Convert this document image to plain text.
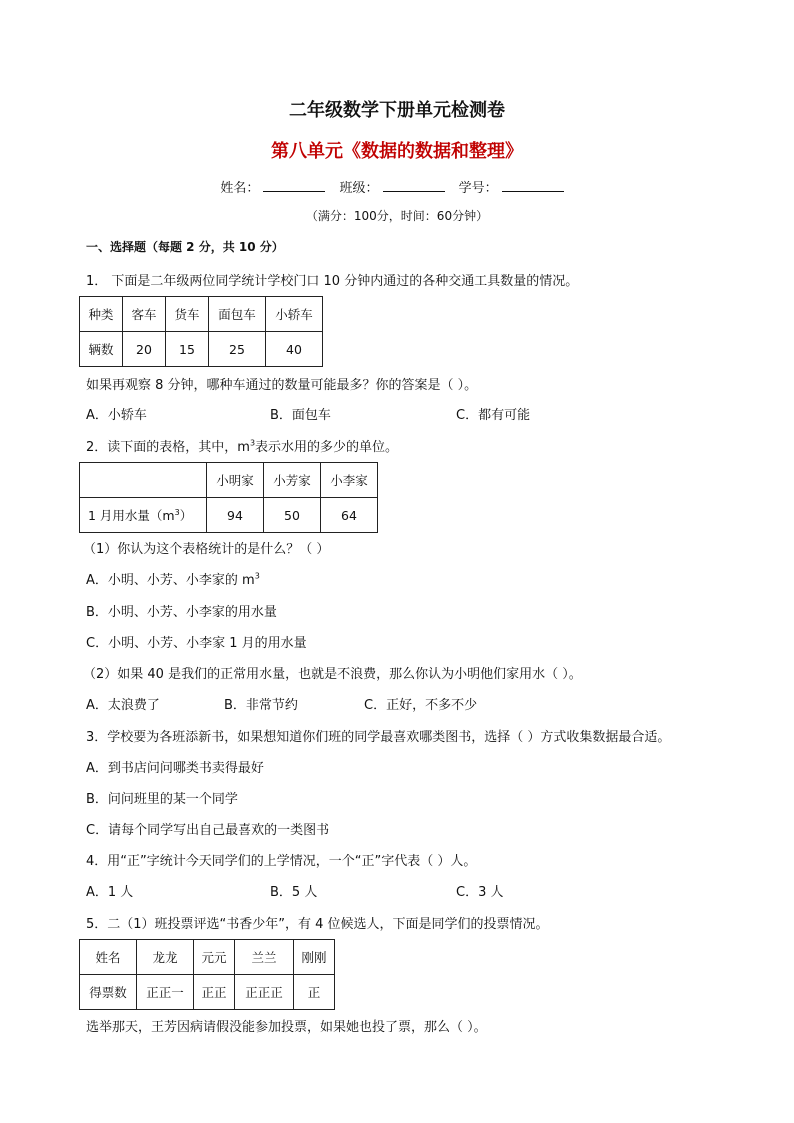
二年级数学下册单元检测卷
第八单元《数据的数据和整理》
姓名：	班级：	学号：
（满分：100分，时间：60分钟）
一、选择题（每题 2 分，共 10 分）
1． 下面是二年级两位同学统计学校门口 10 分钟内通过的各种交通工具数量的情况。
种类	客车	货车	面包车	小轿车
辆数	20	15	25	40
如果再观察 8 分钟，哪种车通过的数量可能最多？你的答案是（ ）。
A．小轿车	B．面包车	C．都有可能
2．读下面的表格，其中，$m^3$表示水用的多少的单位。
	小明家	小芳家	小李家
1 月用水量$(m^3)$	94	50	64
（1）你认为这个表格统计的是什么？（ ）
A．小明、小芳、小李家的 $m^3$
B．小明、小芳、小李家的用水量
C．小明、小芳、小李家 1 月的用水量
（2）如果 40 是我们的正常用水量，也就是不浪费，那么你认为小明他们家用水（ ）。
A．太浪费了	B．非常节约	C．正好，不多不少
3．学校要为各班添新书，如果想知道你们班的同学最喜欢哪类图书，选择（ ）方式收集数据最合适。
A．到书店问问哪类书卖得最好
B．问问班里的某一个同学
C．请每个同学写出自己最喜欢的一类图书
4．用“正”字统计今天同学们的上学情况，一个“正”字代表（ ）人。
A．1 人	B．5 人	C．3 人
5．二（1）班投票评选“书香少年”，有 4 位候选人，下面是同学们的投票情况。
姓名	龙龙	元元	兰兰	刚刚
得票数	正正一	正正	正正正	正
选举那天，王芳因病请假没能参加投票，如果她也投了票，那么（ ）。
